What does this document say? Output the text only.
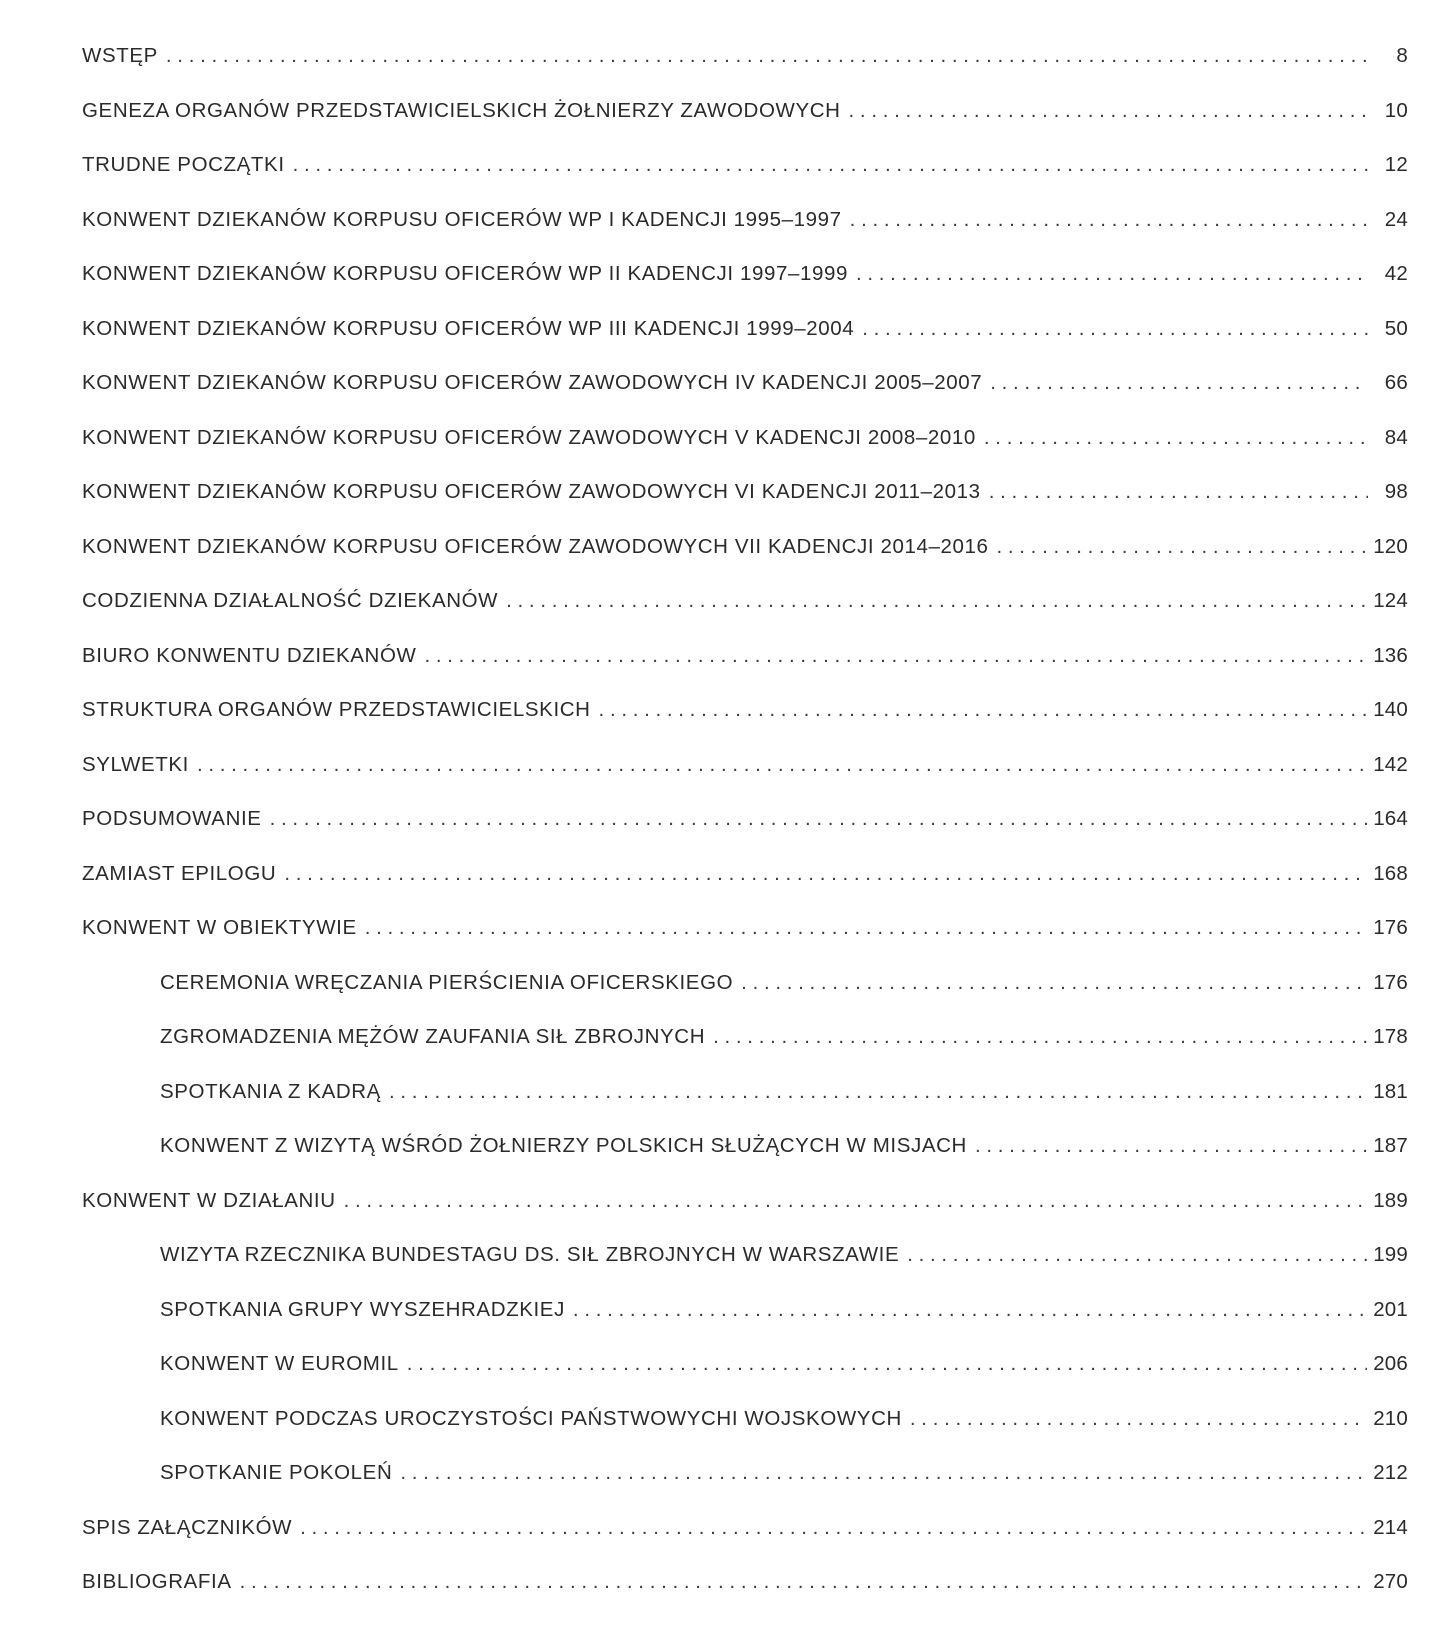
WSTĘP . . .	8
GENEZA ORGANÓW PRZEDSTAWICIELSKICH ŻOŁNIERZY ZAWODOWYCH . . .	10
TRUDNE POCZĄTKI . . .	12
KONWENT DZIEKANÓW KORPUSU OFICERÓW WP I KADENCJI 1995–1997 . . .	24
KONWENT DZIEKANÓW KORPUSU OFICERÓW WP II KADENCJI 1997–1999 . . .	42
KONWENT DZIEKANÓW KORPUSU OFICERÓW WP III KADENCJI 1999–2004 . . .	50
KONWENT DZIEKANÓW KORPUSU OFICERÓW ZAWODOWYCH IV KADENCJI 2005–2007 . . .	66
KONWENT DZIEKANÓW KORPUSU OFICERÓW ZAWODOWYCH V KADENCJI 2008–2010 . . .	84
KONWENT DZIEKANÓW KORPUSU OFICERÓW ZAWODOWYCH VI KADENCJI 2011–2013 . . .	98
KONWENT DZIEKANÓW KORPUSU OFICERÓW ZAWODOWYCH VII KADENCJI 2014–2016 . . .	120
CODZIENNA DZIAŁALNOŚĆ DZIEKANÓW . . .	124
BIURO KONWENTU DZIEKANÓW . . .	136
STRUKTURA ORGANÓW PRZEDSTAWICIELSKICH . . .	140
SYLWETKI . . .	142
PODSUMOWANIE . . .	164
ZAMIAST EPILOGU . . .	168
KONWENT W OBIEKTYWIE . . .	176
CEREMONIA WRĘCZANIA PIERŚCIENIA OFICERSKIEGO . . .	176
ZGROMADZENIA MĘŻÓW ZAUFANIA SIŁ ZBROJNYCH . . .	178
SPOTKANIA Z KADRĄ . . .	181
KONWENT Z WIZYTĄ WŚRÓD ŻOŁNIERZY POLSKICH SŁUŻĄCYCH W MISJACH . . .	187
KONWENT W DZIAŁANIU . . .	189
WIZYTA RZECZNIKA BUNDESTAGU DS. SIŁ ZBROJNYCH W WARSZAWIE . . .	199
SPOTKANIA GRUPY WYSZEHRADZKIEJ . . .	201
KONWENT W EUROMIL . . .	206
KONWENT PODCZAS UROCZYSTOŚCI PAŃSTWOWYCHI WOJSKOWYCH . . .	210
SPOTKANIE POKOLEŃ . . .	212
SPIS ZAŁĄCZNIKÓW . . .	214
BIBLIOGRAFIA . . .	270
